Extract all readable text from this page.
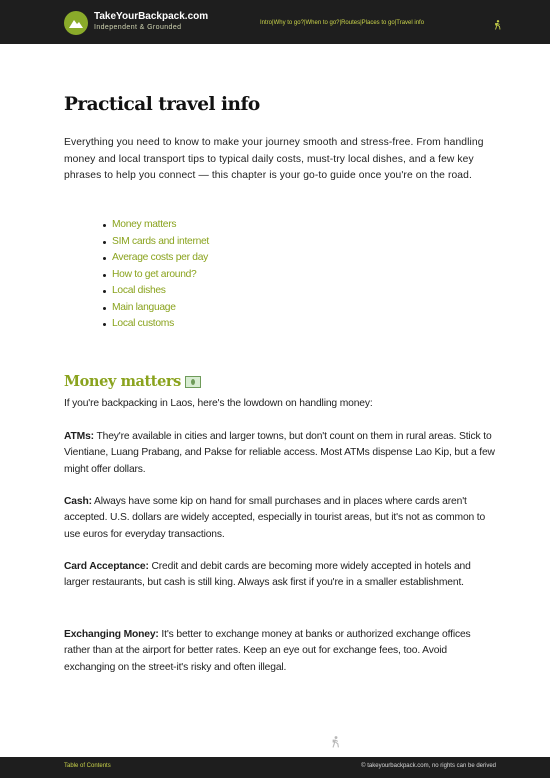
TakeYourBackpack.com
Independent & Grounded
Intro | Why to go? | When to go? | Routes | Places to go | Travel info
Practical travel info

Everything you need to know to make your journey smooth and stress-free. From handling money and local transport tips to typical daily costs, must-try local dishes, and a few key phrases to help you connect — this chapter is your go-to guide once you're on the road.

Money matters
SIM cards and internet
Average costs per day
How to get around?
Local dishes
Main language
Local customs
Money matters

If you're backpacking in Laos, here's the lowdown on handling money:

ATMs: They're available in cities and larger towns, but don't count on them in rural areas. Stick to Vientiane, Luang Prabang, and Pakse for reliable access. Most ATMs dispense Lao Kip, but a few might offer dollars.

Cash: Always have some kip on hand for small purchases and in places where cards aren't accepted. U.S. dollars are widely accepted, especially in tourist areas, but it's not as common to use euros for everyday transactions.

Card Acceptance: Credit and debit cards are becoming more widely accepted in hotels and larger restaurants, but cash is still king. Always ask first if you're in a smaller establishment.

Exchanging Money: It's better to exchange money at banks or authorized exchange offices rather than at the airport for better rates. Keep an eye out for exchange fees, too. Avoid exchanging on the street-it's risky and often illegal.

Table of Contents	© takeyourbackpack.com, no rights can be derived
